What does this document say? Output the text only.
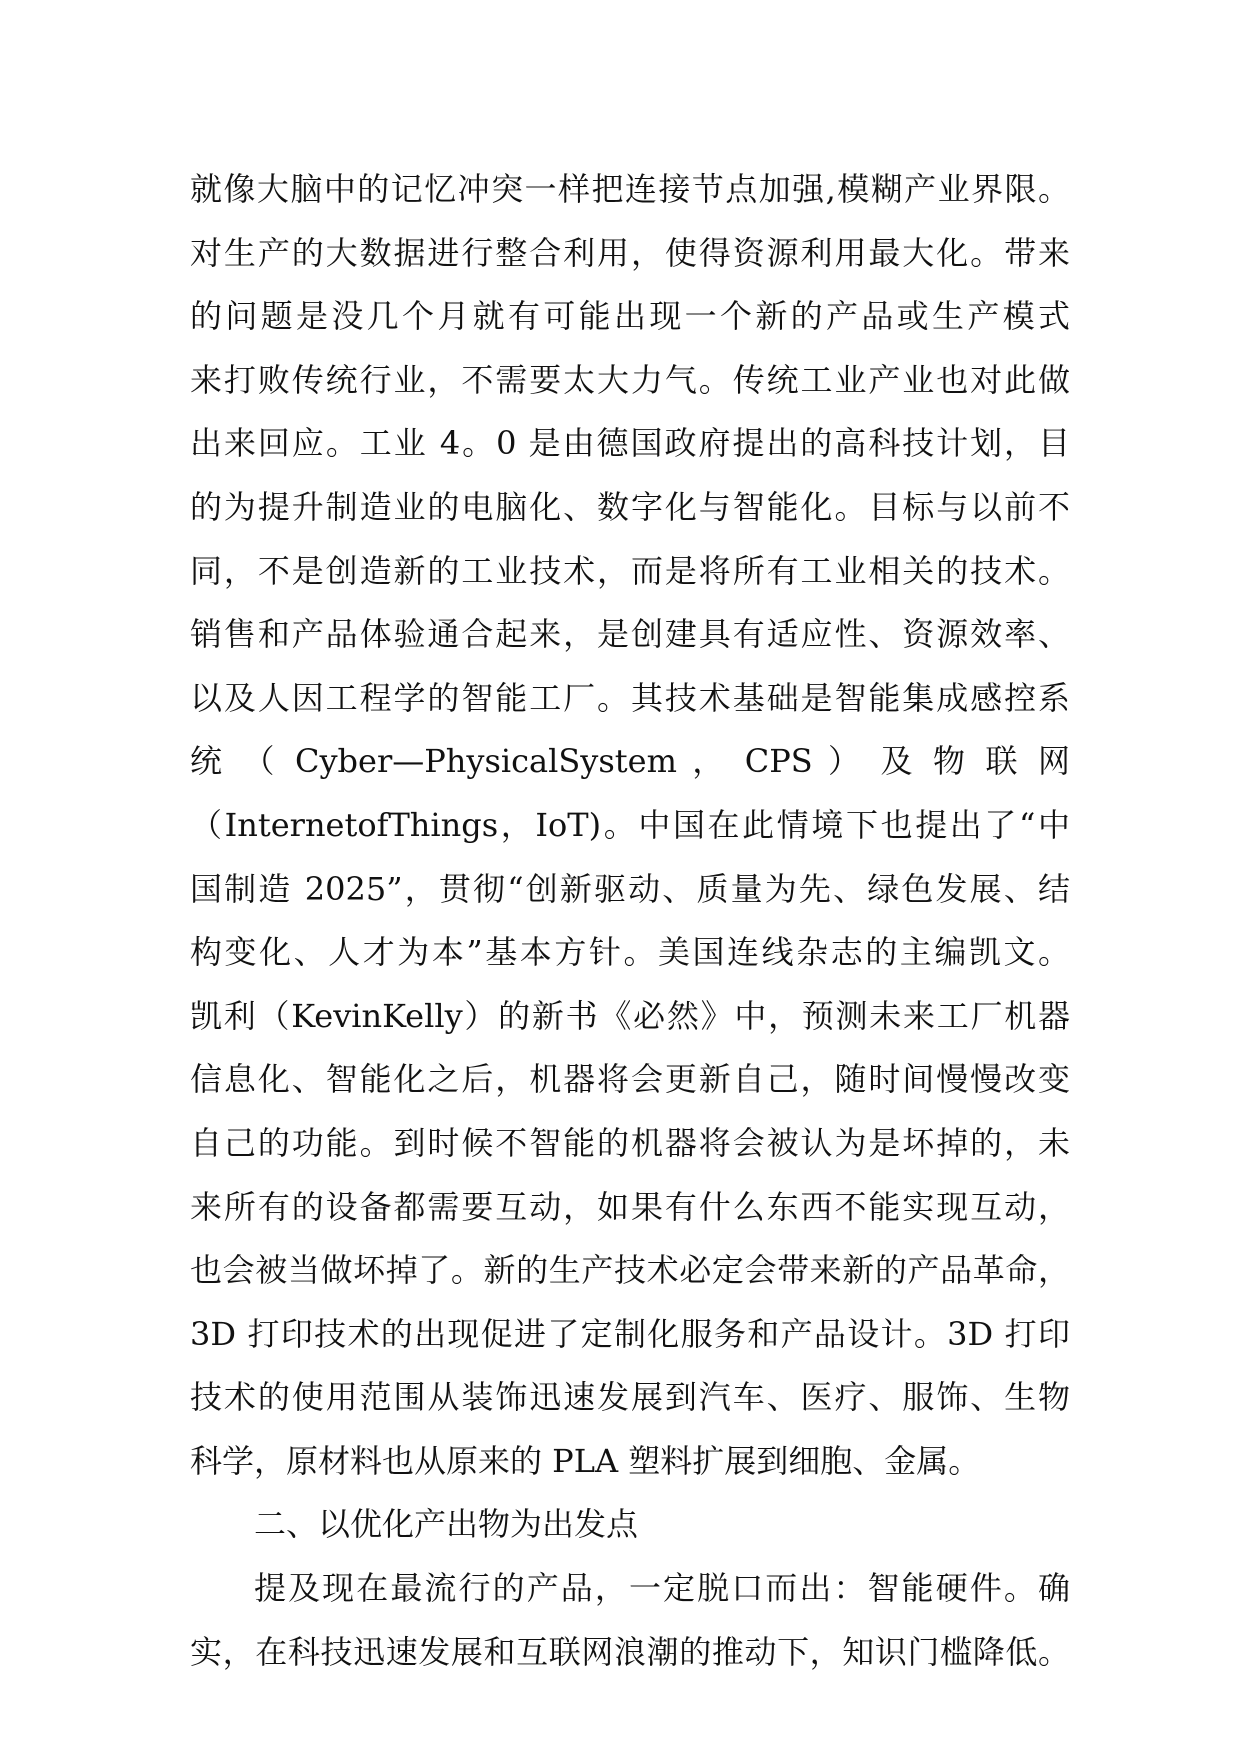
就像大脑中的记忆冲突一样把连接节点加强,模糊产业界限。
对生产的大数据进行整合利用，使得资源利用最大化。带来
的问题是没几个月就有可能出现一个新的产品或生产模式
来打败传统行业，不需要太大力气。传统工业产业也对此做
出来回应。工业 4。0 是由德国政府提出的高科技计划，目
的为提升制造业的电脑化、数字化与智能化。目标与以前不
同，不是创造新的工业技术，而是将所有工业相关的技术。
销售和产品体验通合起来，是创建具有适应性、资源效率、
以及人因工程学的智能工厂。其技术基础是智能集成感控系
统 （ Cyber—PhysicalSystem ， CPS ） 及 物 联 网
（InternetofThings，IoT)。中国在此情境下也提出了“中
国制造 2025”，贯彻“创新驱动、质量为先、绿色发展、结
构变化、人才为本”基本方针。美国连线杂志的主编凯文。
凯利（KevinKelly）的新书《必然》中，预测未来工厂机器
信息化、智能化之后，机器将会更新自己，随时间慢慢改变
自己的功能。到时候不智能的机器将会被认为是坏掉的，未
来所有的设备都需要互动，如果有什么东西不能实现互动，
也会被当做坏掉了。新的生产技术必定会带来新的产品革命，
3D 打印技术的出现促进了定制化服务和产品设计。3D 打印
技术的使用范围从装饰迅速发展到汽车、医疗、服饰、生物
科学，原材料也从原来的 PLA 塑料扩展到细胞、金属。
二、以优化产出物为出发点
提及现在最流行的产品，一定脱口而出：智能硬件。确
实，在科技迅速发展和互联网浪潮的推动下，知识门槛降低。
